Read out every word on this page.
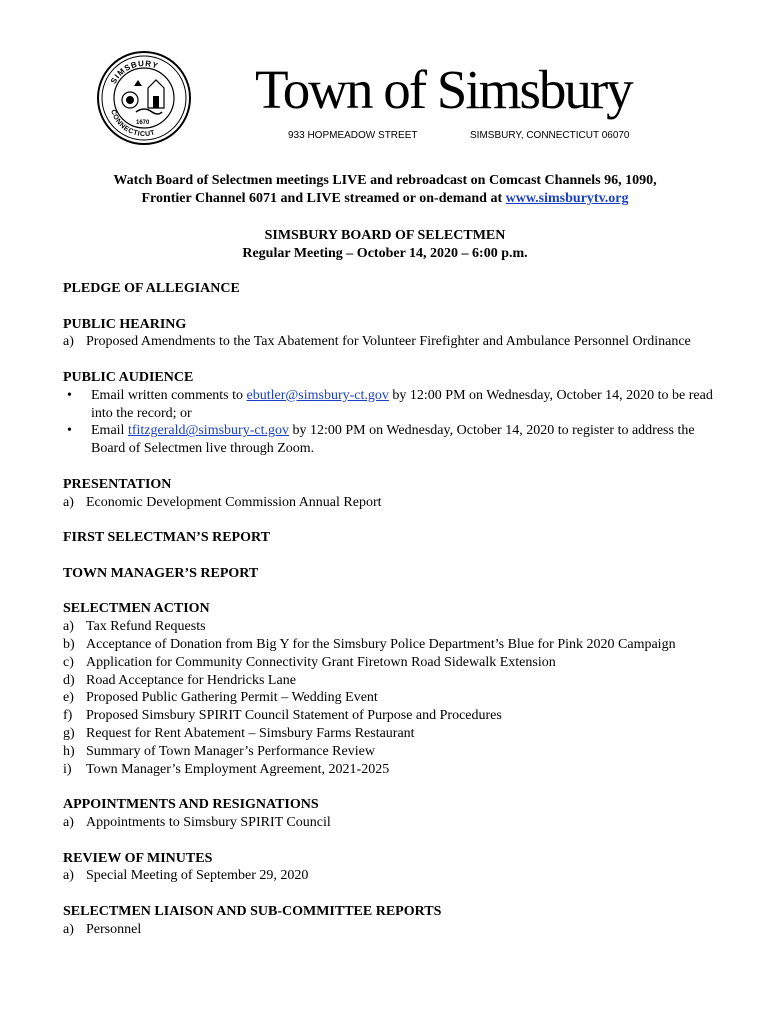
SIMSBURY
CONNECTICUT
1670
Town of Simsbury
933 HOPMEADOW STREET	SIMSBURY, CONNECTICUT 06070
Watch Board of Selectmen meetings LIVE and rebroadcast on Comcast Channels 96, 1090,
Frontier Channel 6071 and LIVE streamed or on-demand at www.simsburytv.org
SIMSBURY BOARD OF SELECTMEN
Regular Meeting – October 14, 2020 – 6:00 p.m.
PLEDGE OF ALLEGIANCE
PUBLIC HEARING
a) Proposed Amendments to the Tax Abatement for Volunteer Firefighter and Ambulance Personnel Ordinance
PUBLIC AUDIENCE
•	Email written comments to ebutler@simsbury-ct.gov by 12:00 PM on Wednesday, October 14, 2020 to be read into the record; or
•	Email tfitzgerald@simsbury-ct.gov by 12:00 PM on Wednesday, October 14, 2020 to register to address the Board of Selectmen live through Zoom.
PRESENTATION
a) Economic Development Commission Annual Report
FIRST SELECTMAN’S REPORT
TOWN MANAGER’S REPORT
SELECTMEN ACTION
a) Tax Refund Requests
b) Acceptance of Donation from Big Y for the Simsbury Police Department’s Blue for Pink 2020 Campaign
c) Application for Community Connectivity Grant Firetown Road Sidewalk Extension
d) Road Acceptance for Hendricks Lane
e) Proposed Public Gathering Permit – Wedding Event
f) Proposed Simsbury SPIRIT Council Statement of Purpose and Procedures
g) Request for Rent Abatement – Simsbury Farms Restaurant
h) Summary of Town Manager’s Performance Review
i)	Town Manager’s Employment Agreement, 2021-2025
APPOINTMENTS AND RESIGNATIONS
a) Appointments to Simsbury SPIRIT Council
REVIEW OF MINUTES
a) Special Meeting of September 29, 2020
SELECTMEN LIAISON AND SUB-COMMITTEE REPORTS
a) Personnel
